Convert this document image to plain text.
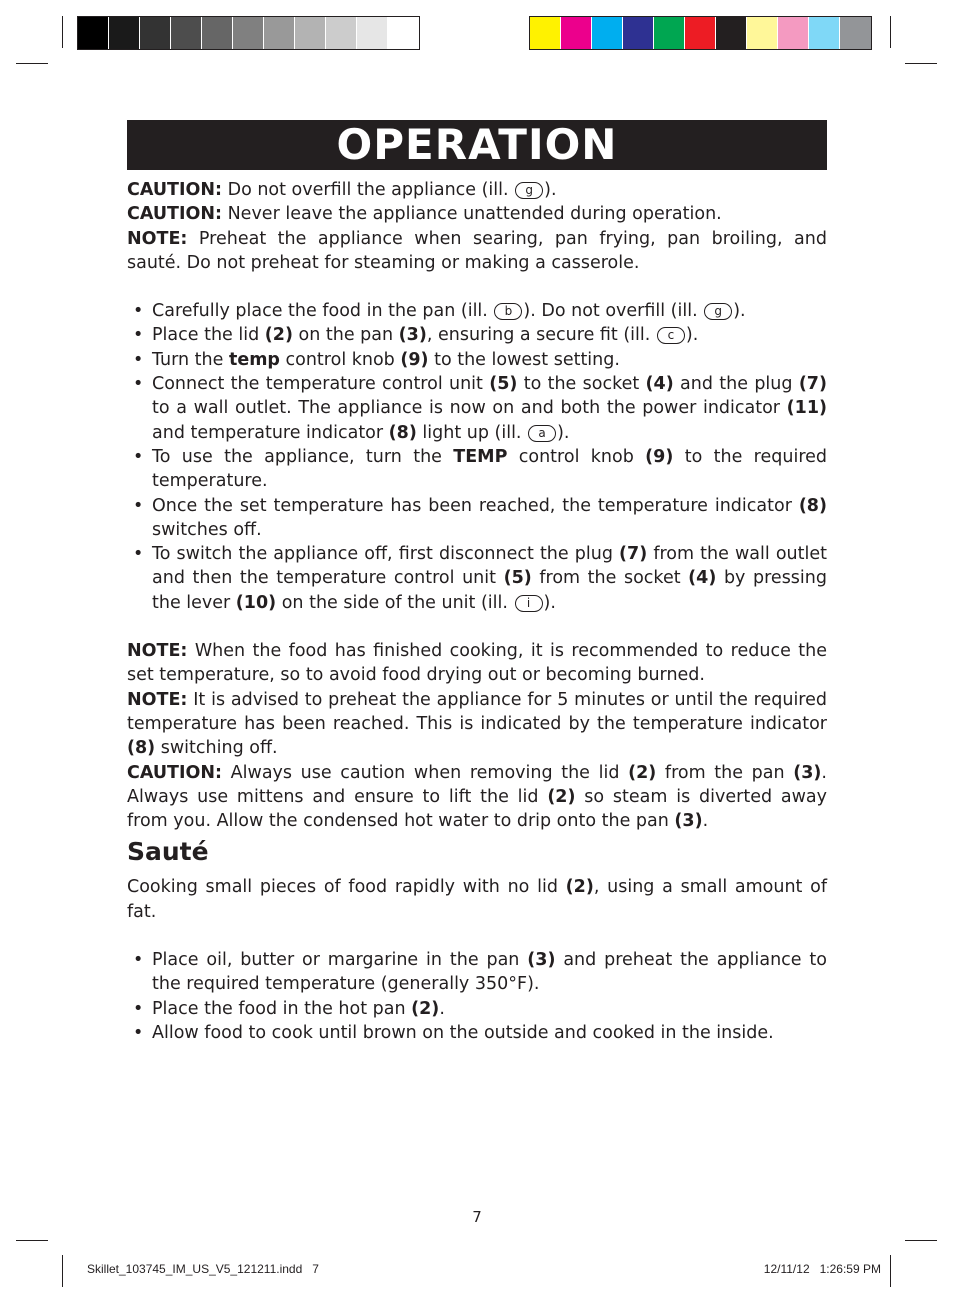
OPERATION

CAUTION: Do not overfill the appliance (ill. g ).

CAUTION: Never leave the appliance unattended during operation.

NOTE: Preheat the appliance when searing, pan frying, pan broiling, and sauté. Do not preheat for steaming or making a casserole.

• Carefully place the food in the pan (ill. b ). Do not overfill (ill. g ).
• Place the lid (2) on the pan (3), ensuring a secure fit (ill. c ).
• Turn the temp control knob (9) to the lowest setting.
• Connect the temperature control unit (5) to the socket (4) and the plug (7) to a wall outlet. The appliance is now on and both the power indicator (11) and temperature indicator (8) light up (ill. a ).
• To use the appliance, turn the TEMP control knob (9) to the required temperature.
• Once the set temperature has been reached, the temperature indicator (8) switches off.
• To switch the appliance off, first disconnect the plug (7) from the wall outlet and then the temperature control unit (5) from the socket (4) by pressing the lever (10) on the side of the unit (ill. i ).

NOTE: When the food has finished cooking, it is recommended to reduce the set temperature, so to avoid food drying out or becoming burned.

NOTE: It is advised to preheat the appliance for 5 minutes or until the required temperature has been reached. This is indicated by the temperature indicator (8) switching off.

CAUTION: Always use caution when removing the lid (2) from the pan (3). Always use mittens and ensure to lift the lid (2) so steam is diverted away from you. Allow the condensed hot water to drip onto the pan (3).

Sauté

Cooking small pieces of food rapidly with no lid (2), using a small amount of fat.

• Place oil, butter or margarine in the pan (3) and preheat the appliance to the required temperature (generally 350°F).
• Place the food in the hot pan (2).
• Allow food to cook until brown on the outside and cooked in the inside.
7
Skillet_103745_IM_US_V5_121211.indd   7	12/11/12   1:26:59 PM
